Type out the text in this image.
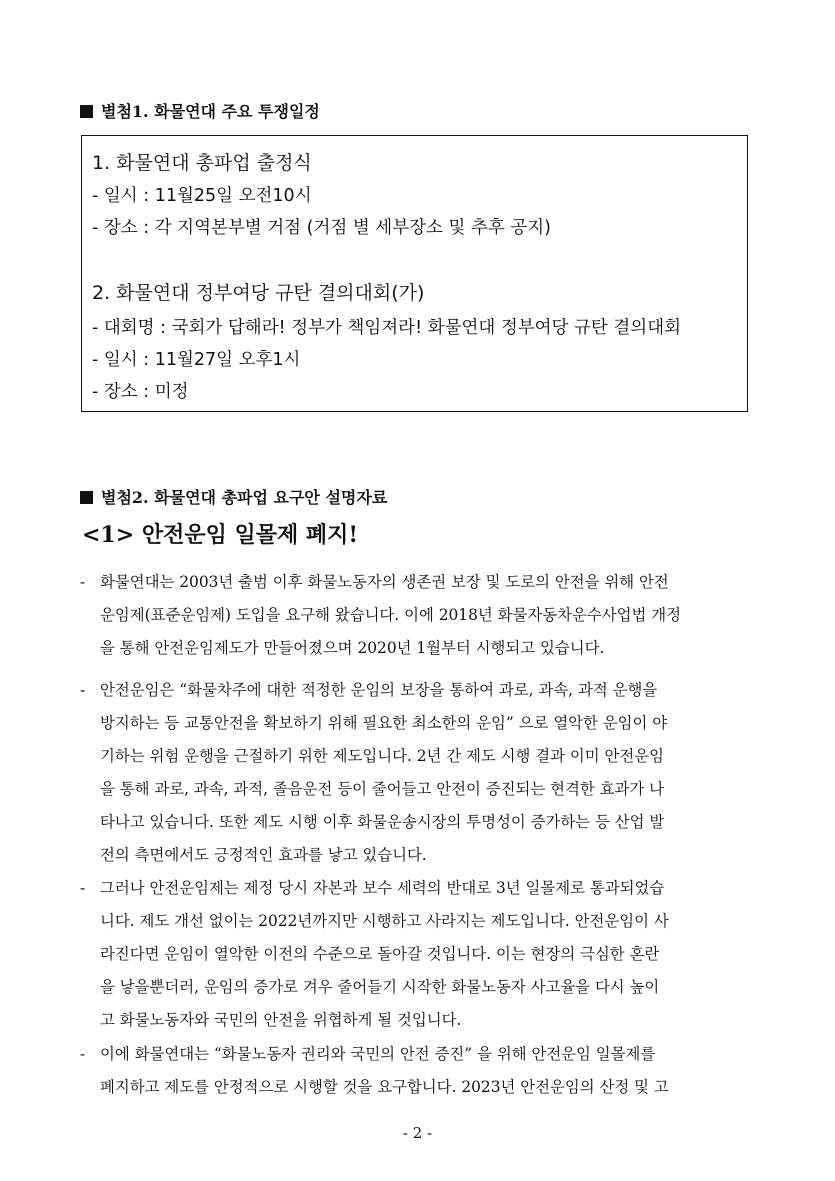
별첨1. 화물연대 주요 투쟁일정
1. 화물연대 총파업 출정식
- 일시 : 11월25일 오전10시
- 장소 : 각 지역본부별 거점 (거점 별 세부장소 및 추후 공지)
2. 화물연대 정부여당 규탄 결의대회(가)
- 대회명 : 국회가 답해라! 정부가 책임져라! 화물연대 정부여당 규탄 결의대회
- 일시 : 11월27일 오후1시
- 장소 : 미정
별첨2. 화물연대 총파업 요구안 설명자료
<1> 안전운임 일몰제 폐지!
- 화물연대는 2003년 출범 이후 화물노동자의 생존권 보장 및 도로의 안전을 위해 안전
운임제(표준운임제) 도입을 요구해 왔습니다. 이에 2018년 화물자동차운수사업법 개정
을 통해 안전운임제도가 만들어졌으며 2020년 1월부터 시행되고 있습니다.
- 안전운임은 “화물차주에 대한 적정한 운임의 보장을 통하여 과로, 과속, 과적 운행을
방지하는 등 교통안전을 확보하기 위해 필요한 최소한의 운임” 으로 열악한 운임이 야
기하는 위험 운행을 근절하기 위한 제도입니다. 2년 간 제도 시행 결과 이미 안전운임
을 통해 과로, 과속, 과적, 졸음운전 등이 줄어들고 안전이 증진되는 현격한 효과가 나
타나고 있습니다. 또한 제도 시행 이후 화물운송시장의 투명성이 증가하는 등 산업 발
전의 측면에서도 긍정적인 효과를 낳고 있습니다.
- 그러나 안전운임제는 제정 당시 자본과 보수 세력의 반대로 3년 일몰제로 통과되었습
니다. 제도 개선 없이는 2022년까지만 시행하고 사라지는 제도입니다. 안전운임이 사
라진다면 운임이 열악한 이전의 수준으로 돌아갈 것입니다. 이는 현장의 극심한 혼란
을 낳을뿐더러, 운임의 증가로 겨우 줄어들기 시작한 화물노동자 사고율을 다시 높이
고 화물노동자와 국민의 안전을 위협하게 될 것입니다.
- 이에 화물연대는 “화물노동자 권리와 국민의 안전 증진” 을 위해 안전운임 일몰제를
폐지하고 제도를 안정적으로 시행할 것을 요구합니다. 2023년 안전운임의 산정 및 고
- 2 -
